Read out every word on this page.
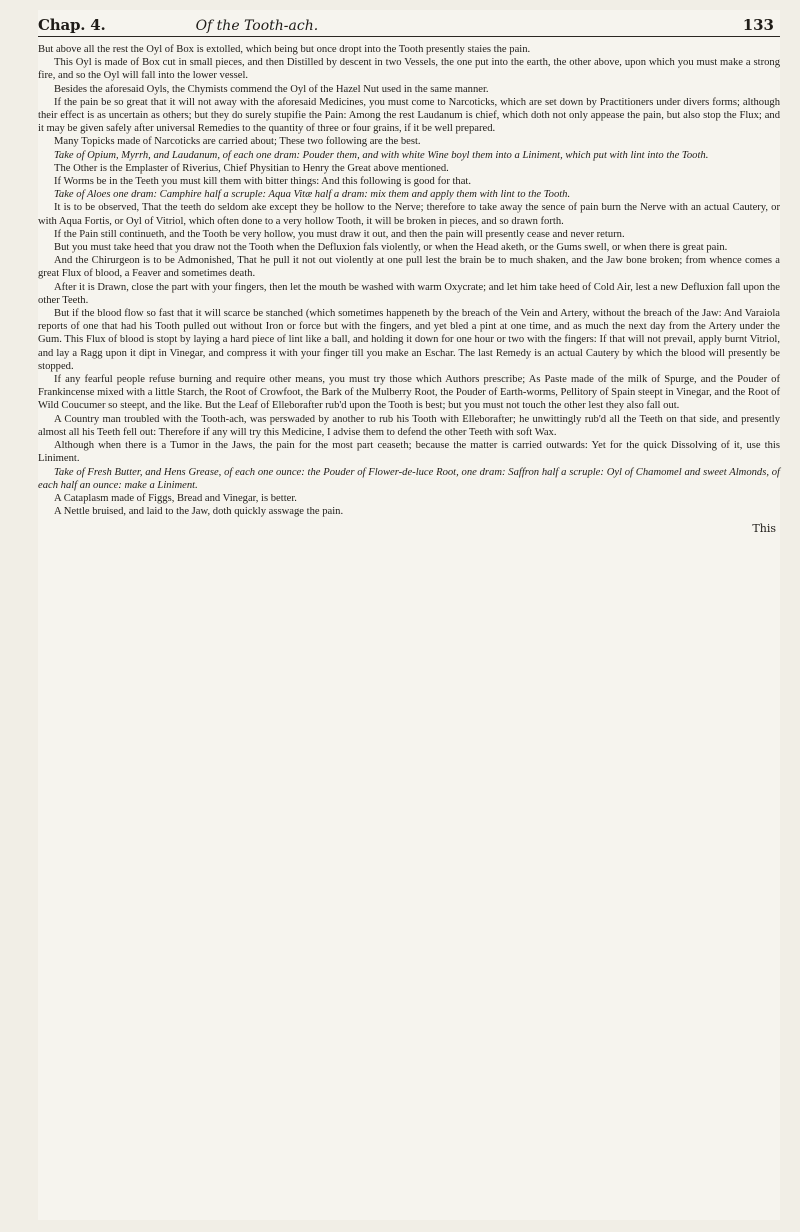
Chap. 4.	Of the Tooth-ach.	133

But above all the rest the Oyl of Box is extolled, which being but once dropt into the Tooth presently staies the pain.

This Oyl is made of Box cut in small pieces, and then Distilled by descent in two Vessels, the one put into the earth, the other above, upon which you must make a strong fire, and so the Oyl will fall into the lower vessel.

Besides the aforesaid Oyls, the Chymists commend the Oyl of the Hazel Nut used in the same manner.

If the pain be so great that it will not away with the aforesaid Medicines, you must come to Narcoticks, which are set down by Practitioners under divers forms; although their effect is as uncertain as others; but they do surely stupifie the Pain: Among the rest Laudanum is chief, which doth not only appease the pain, but also stop the Flux; and it may be given safely after universal Remedies to the quantity of three or four grains, if it be well prepared.

Many Topicks made of Narcoticks are carried about; These two following are the best.

Take of Opium, Myrrh, and Laudanum, of each one dram: Pouder them, and with white Wine boyl them into a Liniment, which put with lint into the Tooth.

The Other is the Emplaster of Riverius, Chief Physitian to Henry the Great above mentioned.

If Worms be in the Teeth you must kill them with bitter things: And this following is good for that.

Take of Aloes one dram: Camphire half a scruple: Aqua Vitæ half a dram: mix them and apply them with lint to the Tooth.

It is to be observed, That the teeth do seldom ake except they be hollow to the Nerve; therefore to take away the sence of pain burn the Nerve with an actual Cautery, or with Aqua Fortis, or Oyl of Vitriol, which often done to a very hollow Tooth, it will be broken in pieces, and so drawn forth.

If the Pain still continueth, and the Tooth be very hollow, you must draw it out, and then the pain will presently cease and never return.

But you must take heed that you draw not the Tooth when the Defluxion fals violently, or when the Head aketh, or the Gums swell, or when there is great pain.

And the Chirurgeon is to be Admonished, That he pull it not out violently at one pull lest the brain be to much shaken, and the Jaw bone broken; from whence comes a great Flux of blood, a Feaver and sometimes death.

After it is Drawn, close the part with your fingers, then let the mouth be washed with warm Oxycrate; and let him take heed of Cold Air, lest a new Defluxion fall upon the other Teeth.

But if the blood flow so fast that it will scarce be stanched (which sometimes happeneth by the breach of the Vein and Artery, without the breach of the Jaw: And Varaiola reports of one that had his Tooth pulled out without Iron or force but with the fingers, and yet bled a pint at one time, and as much the next day from the Artery under the Gum. This Flux of blood is stopt by laying a hard piece of lint like a ball, and holding it down for one hour or two with the fingers: If that will not prevail, apply burnt Vitriol, and lay a Ragg upon it dipt in Vinegar, and compress it with your finger till you make an Eschar. The last Remedy is an actual Cautery by which the blood will presently be stopped.

If any fearful people refuse burning and require other means, you must try those which Authors prescribe; As Paste made of the milk of Spurge, and the Pouder of Frankincense mixed with a little Starch, the Root of Crowfoot, the Bark of the Mulberry Root, the Pouder of Earth-worms, Pellitory of Spain steept in Vinegar, and the Root of Wild Coucumer so steept, and the like. But the Leaf of Elleborafter rub'd upon the Tooth is best; but you must not touch the other lest they also fall out.

A Country man troubled with the Tooth-ach, was perswaded by another to rub his Tooth with Elleborafter; he unwittingly rub'd all the Teeth on that side, and presently almost all his Teeth fell out: Therefore if any will try this Medicine, I advise them to defend the other Teeth with soft Wax.

Although when there is a Tumor in the Jaws, the pain for the most part ceaseth; because the matter is carried outwards: Yet for the quick Dissolving of it, use this Liniment.

Take of Fresh Butter, and Hens Grease, of each one ounce: the Pouder of Flower-de-luce Root, one dram: Saffron half a scruple: Oyl of Chamomel and sweet Almonds, of each half an ounce: make a Liniment.

A Cataplasm made of Figgs, Bread and Vinegar, is better.

A Nettle bruised, and laid to the Jaw, doth quickly asswage the pain.

This
